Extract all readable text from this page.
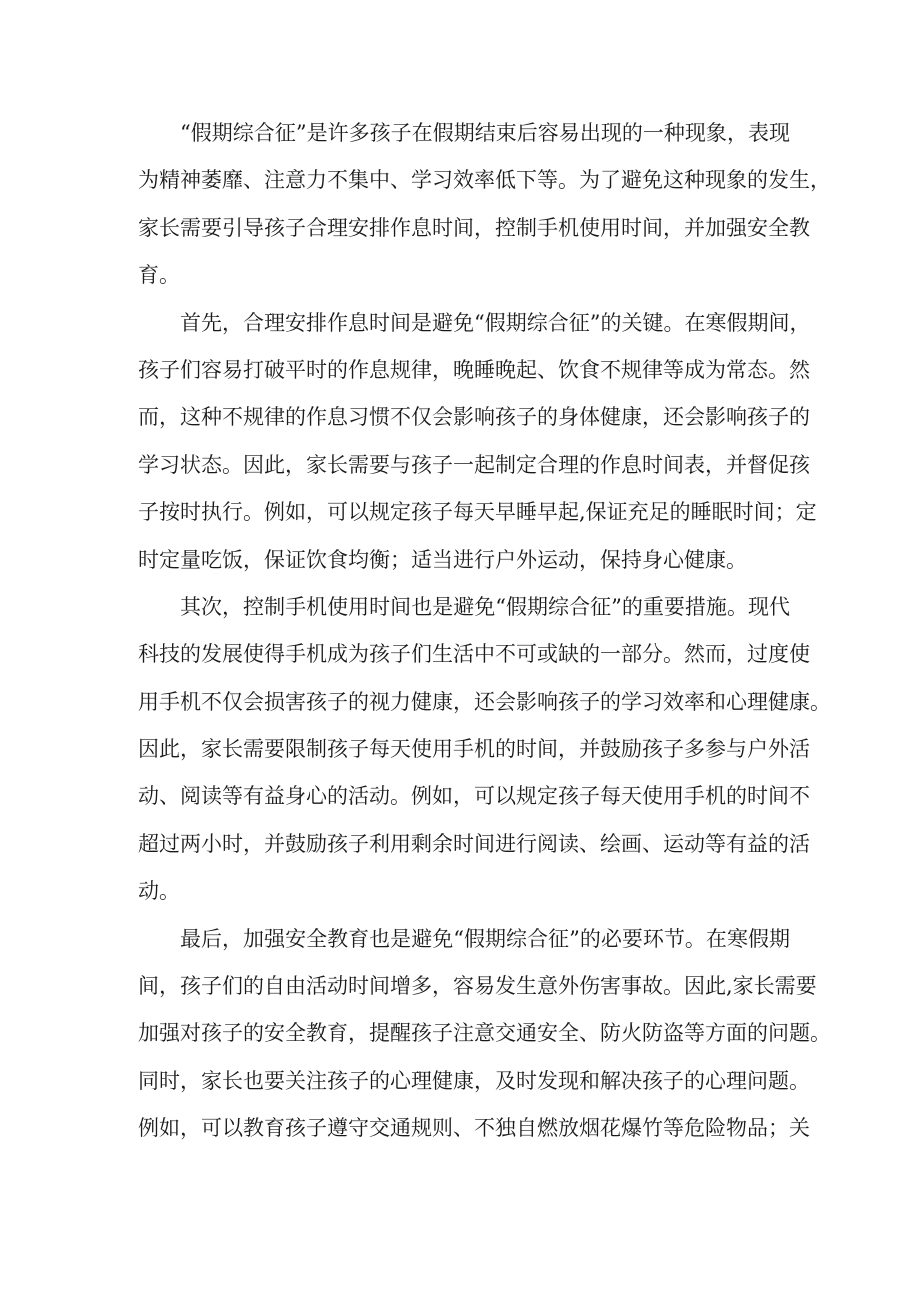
“假期综合征”是许多孩子在假期结束后容易出现的一种现象，表现
为精神萎靡、注意力不集中、学习效率低下等。为了避免这种现象的发生，
家长需要引导孩子合理安排作息时间，控制手机使用时间，并加强安全教
育。

首先，合理安排作息时间是避免“假期综合征”的关键。在寒假期间，
孩子们容易打破平时的作息规律，晚睡晚起、饮食不规律等成为常态。然
而，这种不规律的作息习惯不仅会影响孩子的身体健康，还会影响孩子的
学习状态。因此，家长需要与孩子一起制定合理的作息时间表，并督促孩
子按时执行。例如，可以规定孩子每天早睡早起,保证充足的睡眠时间；定
时定量吃饭，保证饮食均衡；适当进行户外运动，保持身心健康。

其次，控制手机使用时间也是避免“假期综合征”的重要措施。现代
科技的发展使得手机成为孩子们生活中不可或缺的一部分。然而，过度使
用手机不仅会损害孩子的视力健康，还会影响孩子的学习效率和心理健康。
因此，家长需要限制孩子每天使用手机的时间，并鼓励孩子多参与户外活
动、阅读等有益身心的活动。例如，可以规定孩子每天使用手机的时间不
超过两小时，并鼓励孩子利用剩余时间进行阅读、绘画、运动等有益的活
动。

最后，加强安全教育也是避免“假期综合征”的必要环节。在寒假期
间，孩子们的自由活动时间增多，容易发生意外伤害事故。因此,家长需要
加强对孩子的安全教育，提醒孩子注意交通安全、防火防盗等方面的问题。
同时，家长也要关注孩子的心理健康，及时发现和解决孩子的心理问题。
例如，可以教育孩子遵守交通规则、不独自燃放烟花爆竹等危险物品；关
